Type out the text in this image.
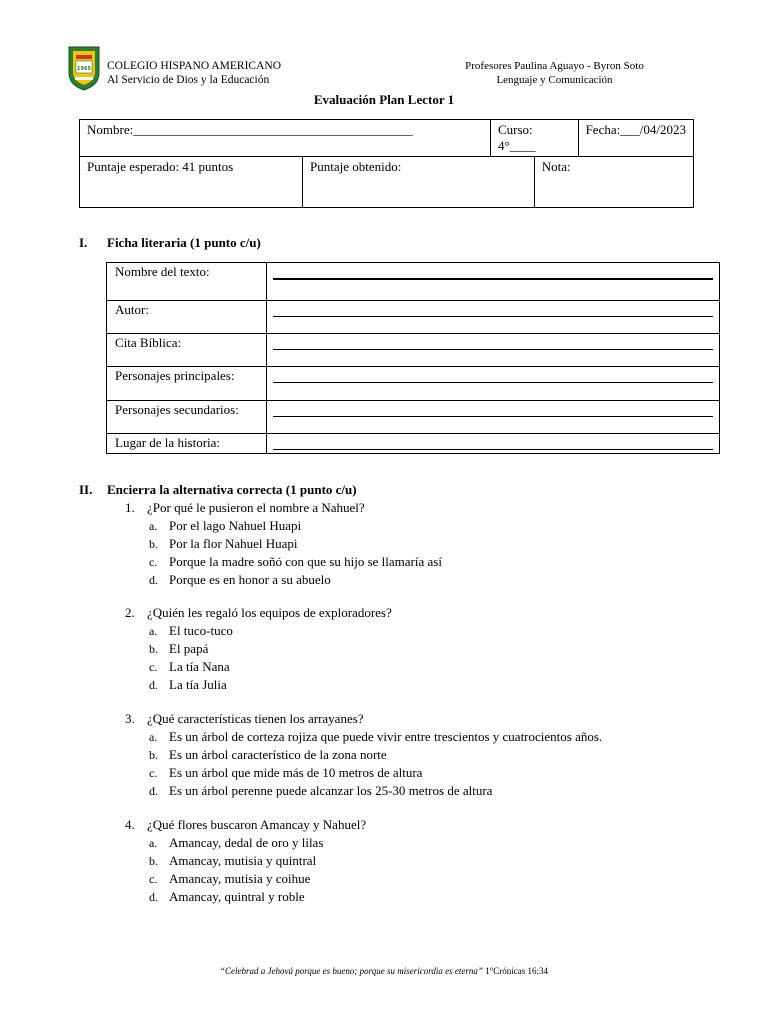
1965 COLEGIO HISPANO AMERICANO
Al Servicio de Dios y la Educación
Profesores Paulina Aguayo - Byron Soto
Lenguaje y Comunicación
Evaluación Plan Lector 1
Nombre:___________________________________________		Curso: 4°____		Fecha:___/04/2023
Puntaje esperado: 41 puntos	Puntaje obtenido:		Nota:	
I. Ficha literaria (1 punto c/u)
Nombre del texto:	

Autor:	

Cita Bíblica:	

Personajes principales:	

Personajes secundarios:	

Lugar de la historia:	
II. Encierra la alternativa correcta (1 punto c/u)
1. ¿Por qué le pusieron el nombre a Nahuel?
a. Por el lago Nahuel Huapi
b. Por la flor Nahuel Huapi
c. Porque la madre soñó con que su hijo se llamaría así
d. Porque es en honor a su abuelo
2. ¿Quién les regaló los equipos de exploradores?
a. El tuco-tuco
b. El papá
c. La tía Nana
d. La tía Julia
3. ¿Qué características tienen los arrayanes?
a. Es un árbol de corteza rojiza que puede vivir entre trescientos y cuatrocientos años.
b. Es un árbol característico de la zona norte
c. Es un árbol que mide más de 10 metros de altura
d. Es un árbol perenne puede alcanzar los 25-30 metros de altura
4. ¿Qué flores buscaron Amancay y Nahuel?
a. Amancay, dedal de oro y lilas
b. Amancay, mutisia y quintral
c. Amancay, mutisia y coihue
d. Amancay, quintral y roble
“Celebrad a Jehová porque es bueno; porque su misericordia es eterna” 1°Crónicas 16:34
